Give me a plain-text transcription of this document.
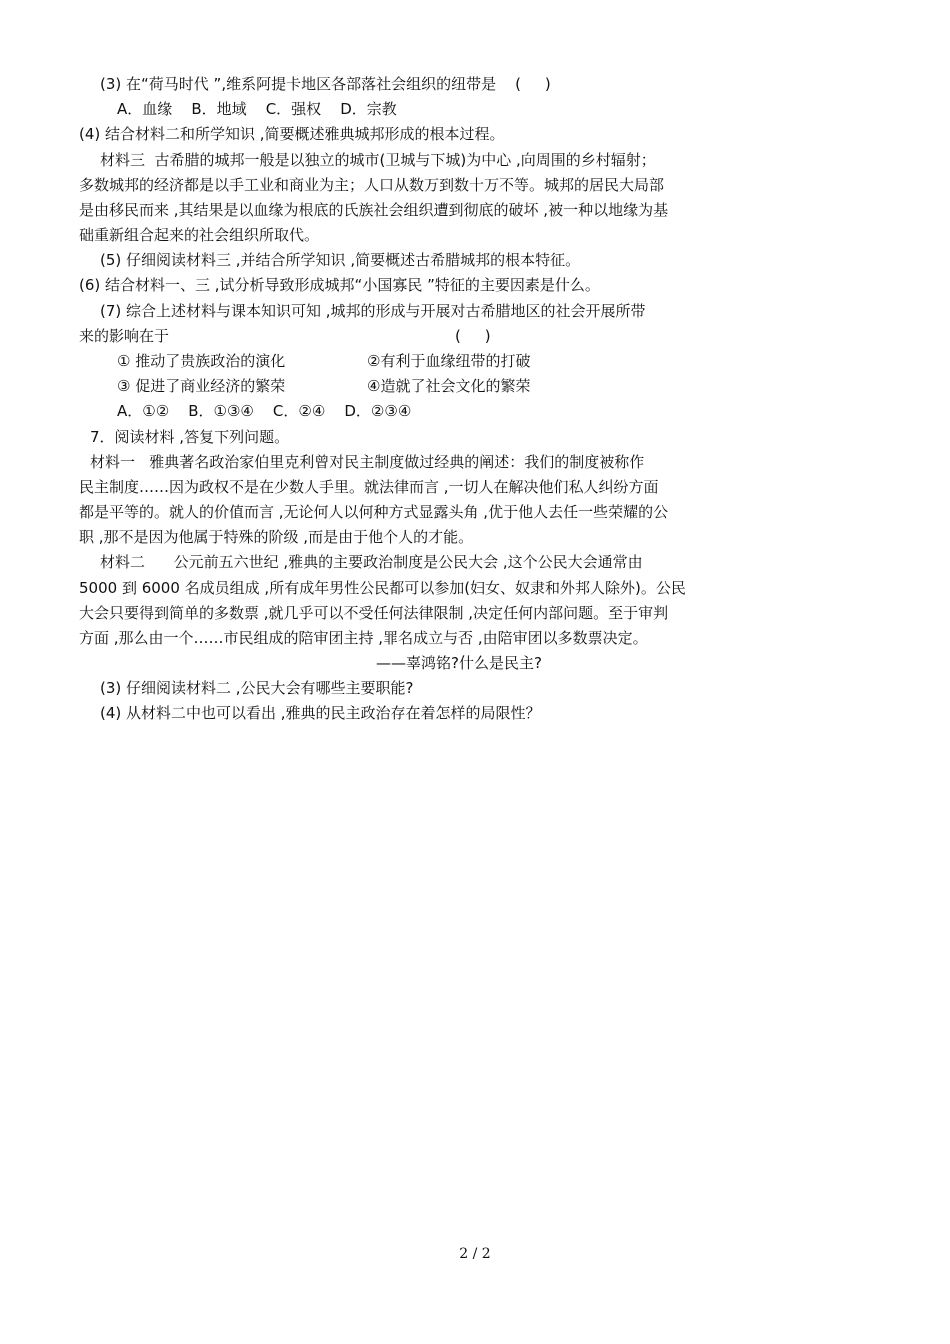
(3) 在“荷马时代 ”,维系阿提卡地区各部落社会组织的纽带是    (     )
A．血缘    B．地域    C．强权    D．宗教
(4) 结合材料二和所学知识 ,简要概述雅典城邦形成的根本过程。
材料三  古希腊的城邦一般是以独立的城市(卫城与下城)为中心 ,向周围的乡村辐射；
多数城邦的经济都是以手工业和商业为主；人口从数万到数十万不等。城邦的居民大局部
是由移民而来 ,其结果是以血缘为根底的氏族社会组织遭到彻底的破坏 ,被一种以地缘为基
础重新组合起来的社会组织所取代。
(5) 仔细阅读材料三 ,并结合所学知识 ,简要概述古希腊城邦的根本特征。
(6) 结合材料一、三 ,试分析导致形成城邦“小国寡民 ”特征的主要因素是什么。
(7) 综合上述材料与课本知识可知 ,城邦的形成与开展对古希腊地区的社会开展所带
来的影响在于	(     )
① 推动了贵族政治的演化	②有利于血缘纽带的打破
③ 促进了商业经济的繁荣	④造就了社会文化的繁荣
A．①②    B．①③④    C．②④    D．②③④
7．阅读材料 ,答复下列问题。
材料一   雅典著名政治家伯里克利曾对民主制度做过经典的阐述：我们的制度被称作
民主制度……因为政权不是在少数人手里。就法律而言 ,一切人在解决他们私人纠纷方面
都是平等的。就人的价值而言 ,无论何人以何种方式显露头角 ,优于他人去任一些荣耀的公
职 ,那不是因为他属于特殊的阶级 ,而是由于他个人的才能。
材料二      公元前五六世纪 ,雅典的主要政治制度是公民大会 ,这个公民大会通常由
5000 到 6000 名成员组成 ,所有成年男性公民都可以参加(妇女、奴隶和外邦人除外)。公民
大会只要得到简单的多数票 ,就几乎可以不受任何法律限制 ,决定任何内部问题。至于审判
方面 ,那么由一个……市民组成的陪审团主持 ,罪名成立与否 ,由陪审团以多数票决定。
——辜鸿铭?什么是民主?
(3) 仔细阅读材料二 ,公民大会有哪些主要职能?
(4) 从材料二中也可以看出 ,雅典的民主政治存在着怎样的局限性？
2 / 2
